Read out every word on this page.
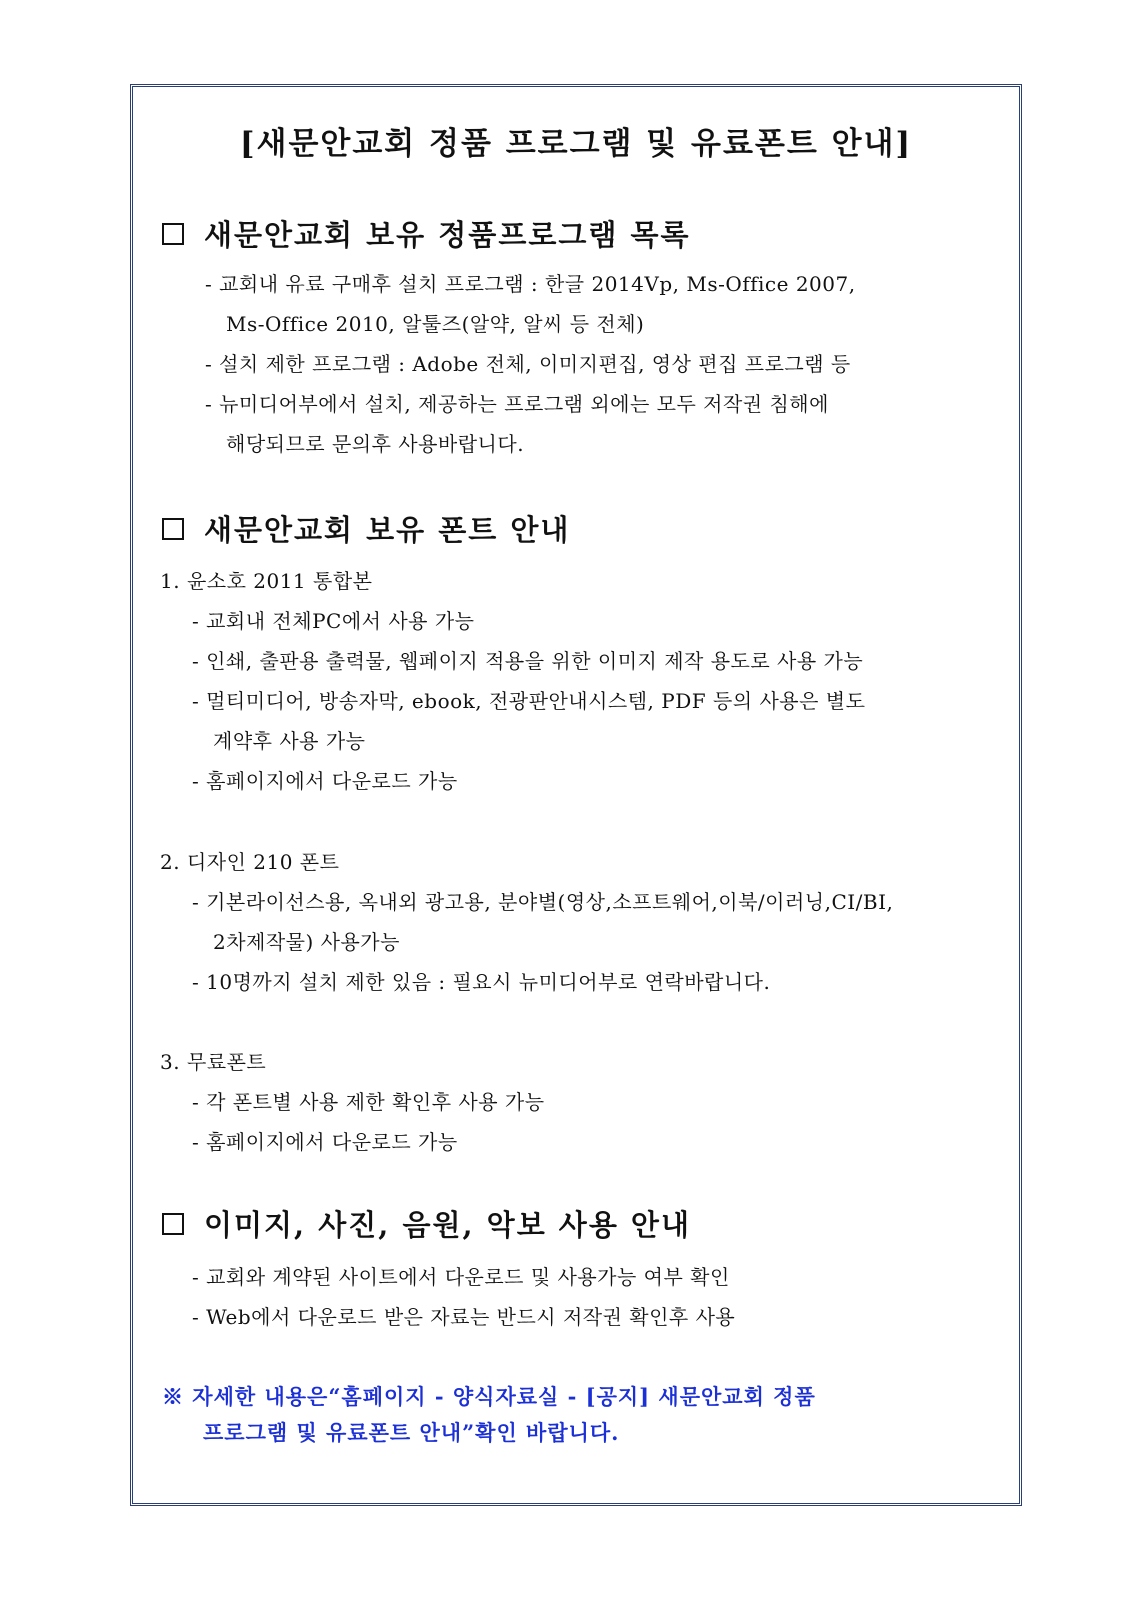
[새문안교회 정품 프로그램 및 유료폰트 안내]
새문안교회 보유 정품프로그램 목록
- 교회내 유료 구매후 설치 프로그램 : 한글 2014Vp, Ms-Office 2007,
Ms-Office 2010, 알툴즈(알약, 알씨 등 전체)
- 설치 제한 프로그램 : Adobe 전체, 이미지편집, 영상 편집 프로그램 등
- 뉴미디어부에서 설치, 제공하는 프로그램 외에는 모두 저작권 침해에
해당되므로 문의후 사용바랍니다.
새문안교회 보유 폰트 안내
1. 윤소호 2011 통합본
- 교회내 전체PC에서 사용 가능
- 인쇄, 출판용 출력물, 웹페이지 적용을 위한 이미지 제작 용도로 사용 가능
- 멀티미디어, 방송자막, ebook, 전광판안내시스템, PDF 등의 사용은 별도
계약후 사용 가능
- 홈페이지에서 다운로드 가능
2. 디자인 210 폰트
- 기본라이선스용, 옥내외 광고용, 분야별(영상,소프트웨어,이북/이러닝,CI/BI,
2차제작물) 사용가능
- 10명까지 설치 제한 있음 : 필요시 뉴미디어부로 연락바랍니다.
3. 무료폰트
- 각 폰트별 사용 제한 확인후 사용 가능
- 홈페이지에서 다운로드 가능
이미지, 사진, 음원, 악보 사용 안내
- 교회와 계약된 사이트에서 다운로드 및 사용가능 여부 확인
- Web에서 다운로드 받은 자료는 반드시 저작권 확인후 사용
※ 자세한 내용은“홈페이지 - 양식자료실 - [공지] 새문안교회 정품
프로그램 및 유료폰트 안내”확인 바랍니다.
